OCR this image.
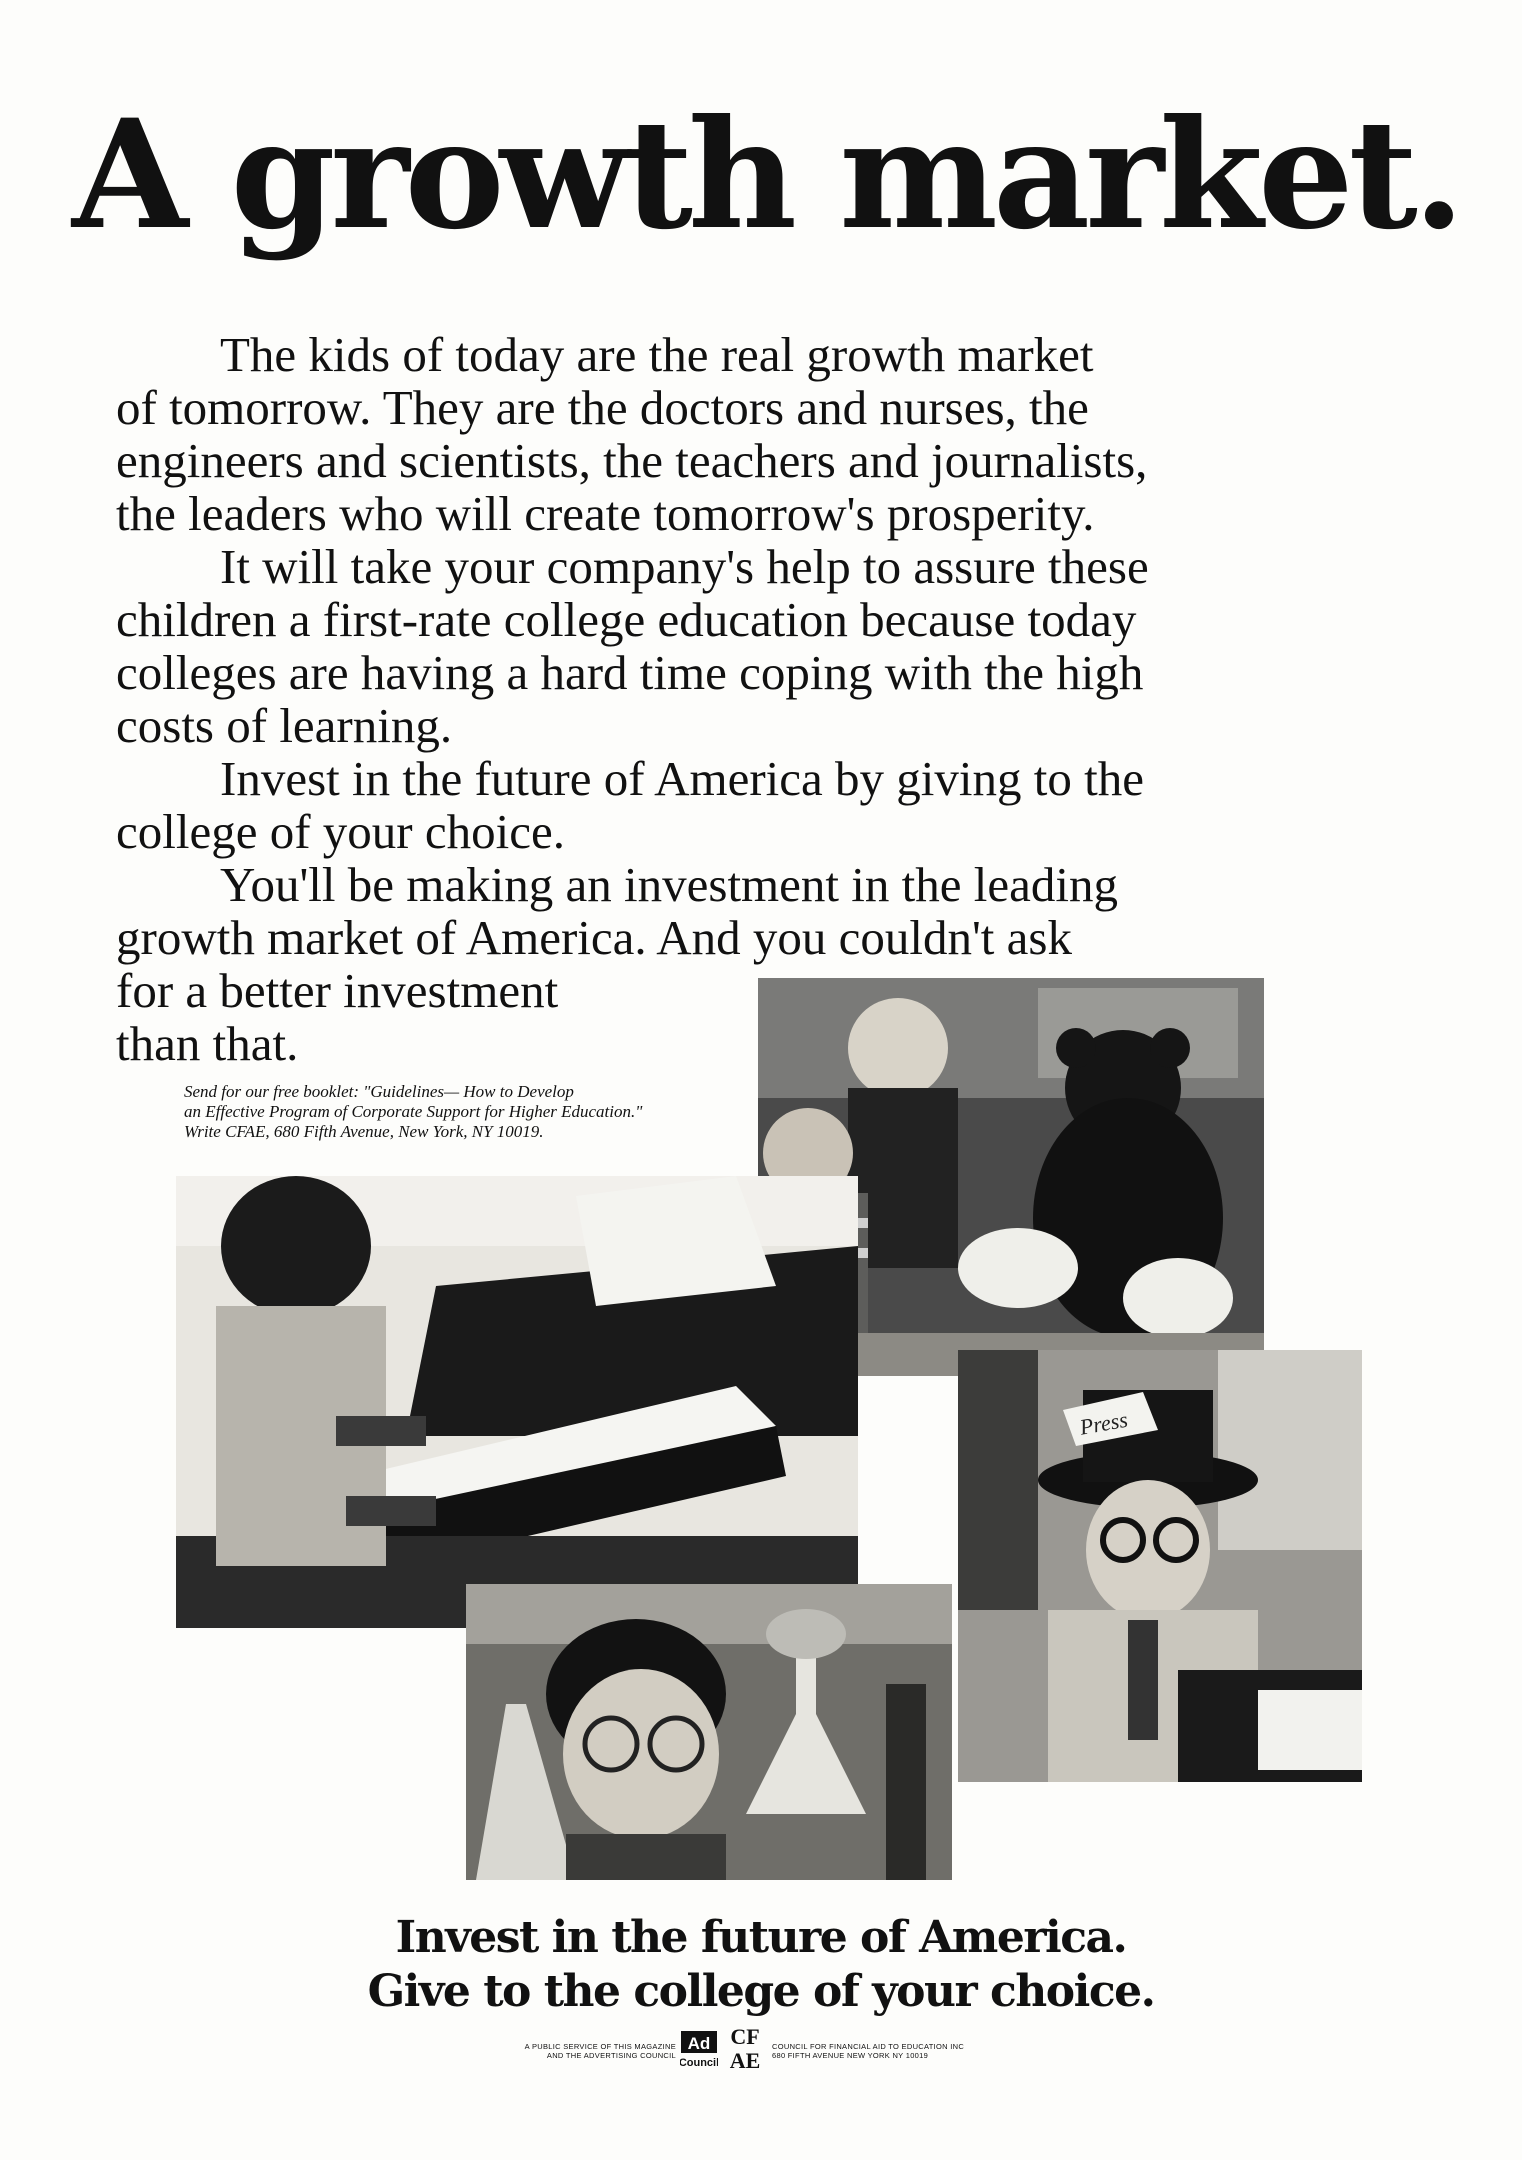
A growth market.

The kids of today are the real growth market
of tomorrow. They are the doctors and nurses, the
engineers and scientists, the teachers and journalists,
the leaders who will create tomorrow's prosperity.

It will take your company's help to assure these
children a first-rate college education because today
colleges are having a hard time coping with the high
costs of learning.

Invest in the future of America by giving to the
college of your choice.

You'll be making an investment in the leading
growth market of America. And you couldn't ask
for a better investment
than that.

Send for our free booklet: "Guidelines— How to Develop
an Effective Program of Corporate Support for Higher Education."
Write CFAE, 680 Fifth Avenue, New York, NY 10019.
Press
Invest in the future of America.
Give to the college of your choice.
A PUBLIC SERVICE OF THIS MAGAZINE
AND THE ADVERTISING COUNCIL
Ad
Council
CF
AE
COUNCIL FOR FINANCIAL AID TO EDUCATION INC
680 FIFTH AVENUE NEW YORK NY 10019
